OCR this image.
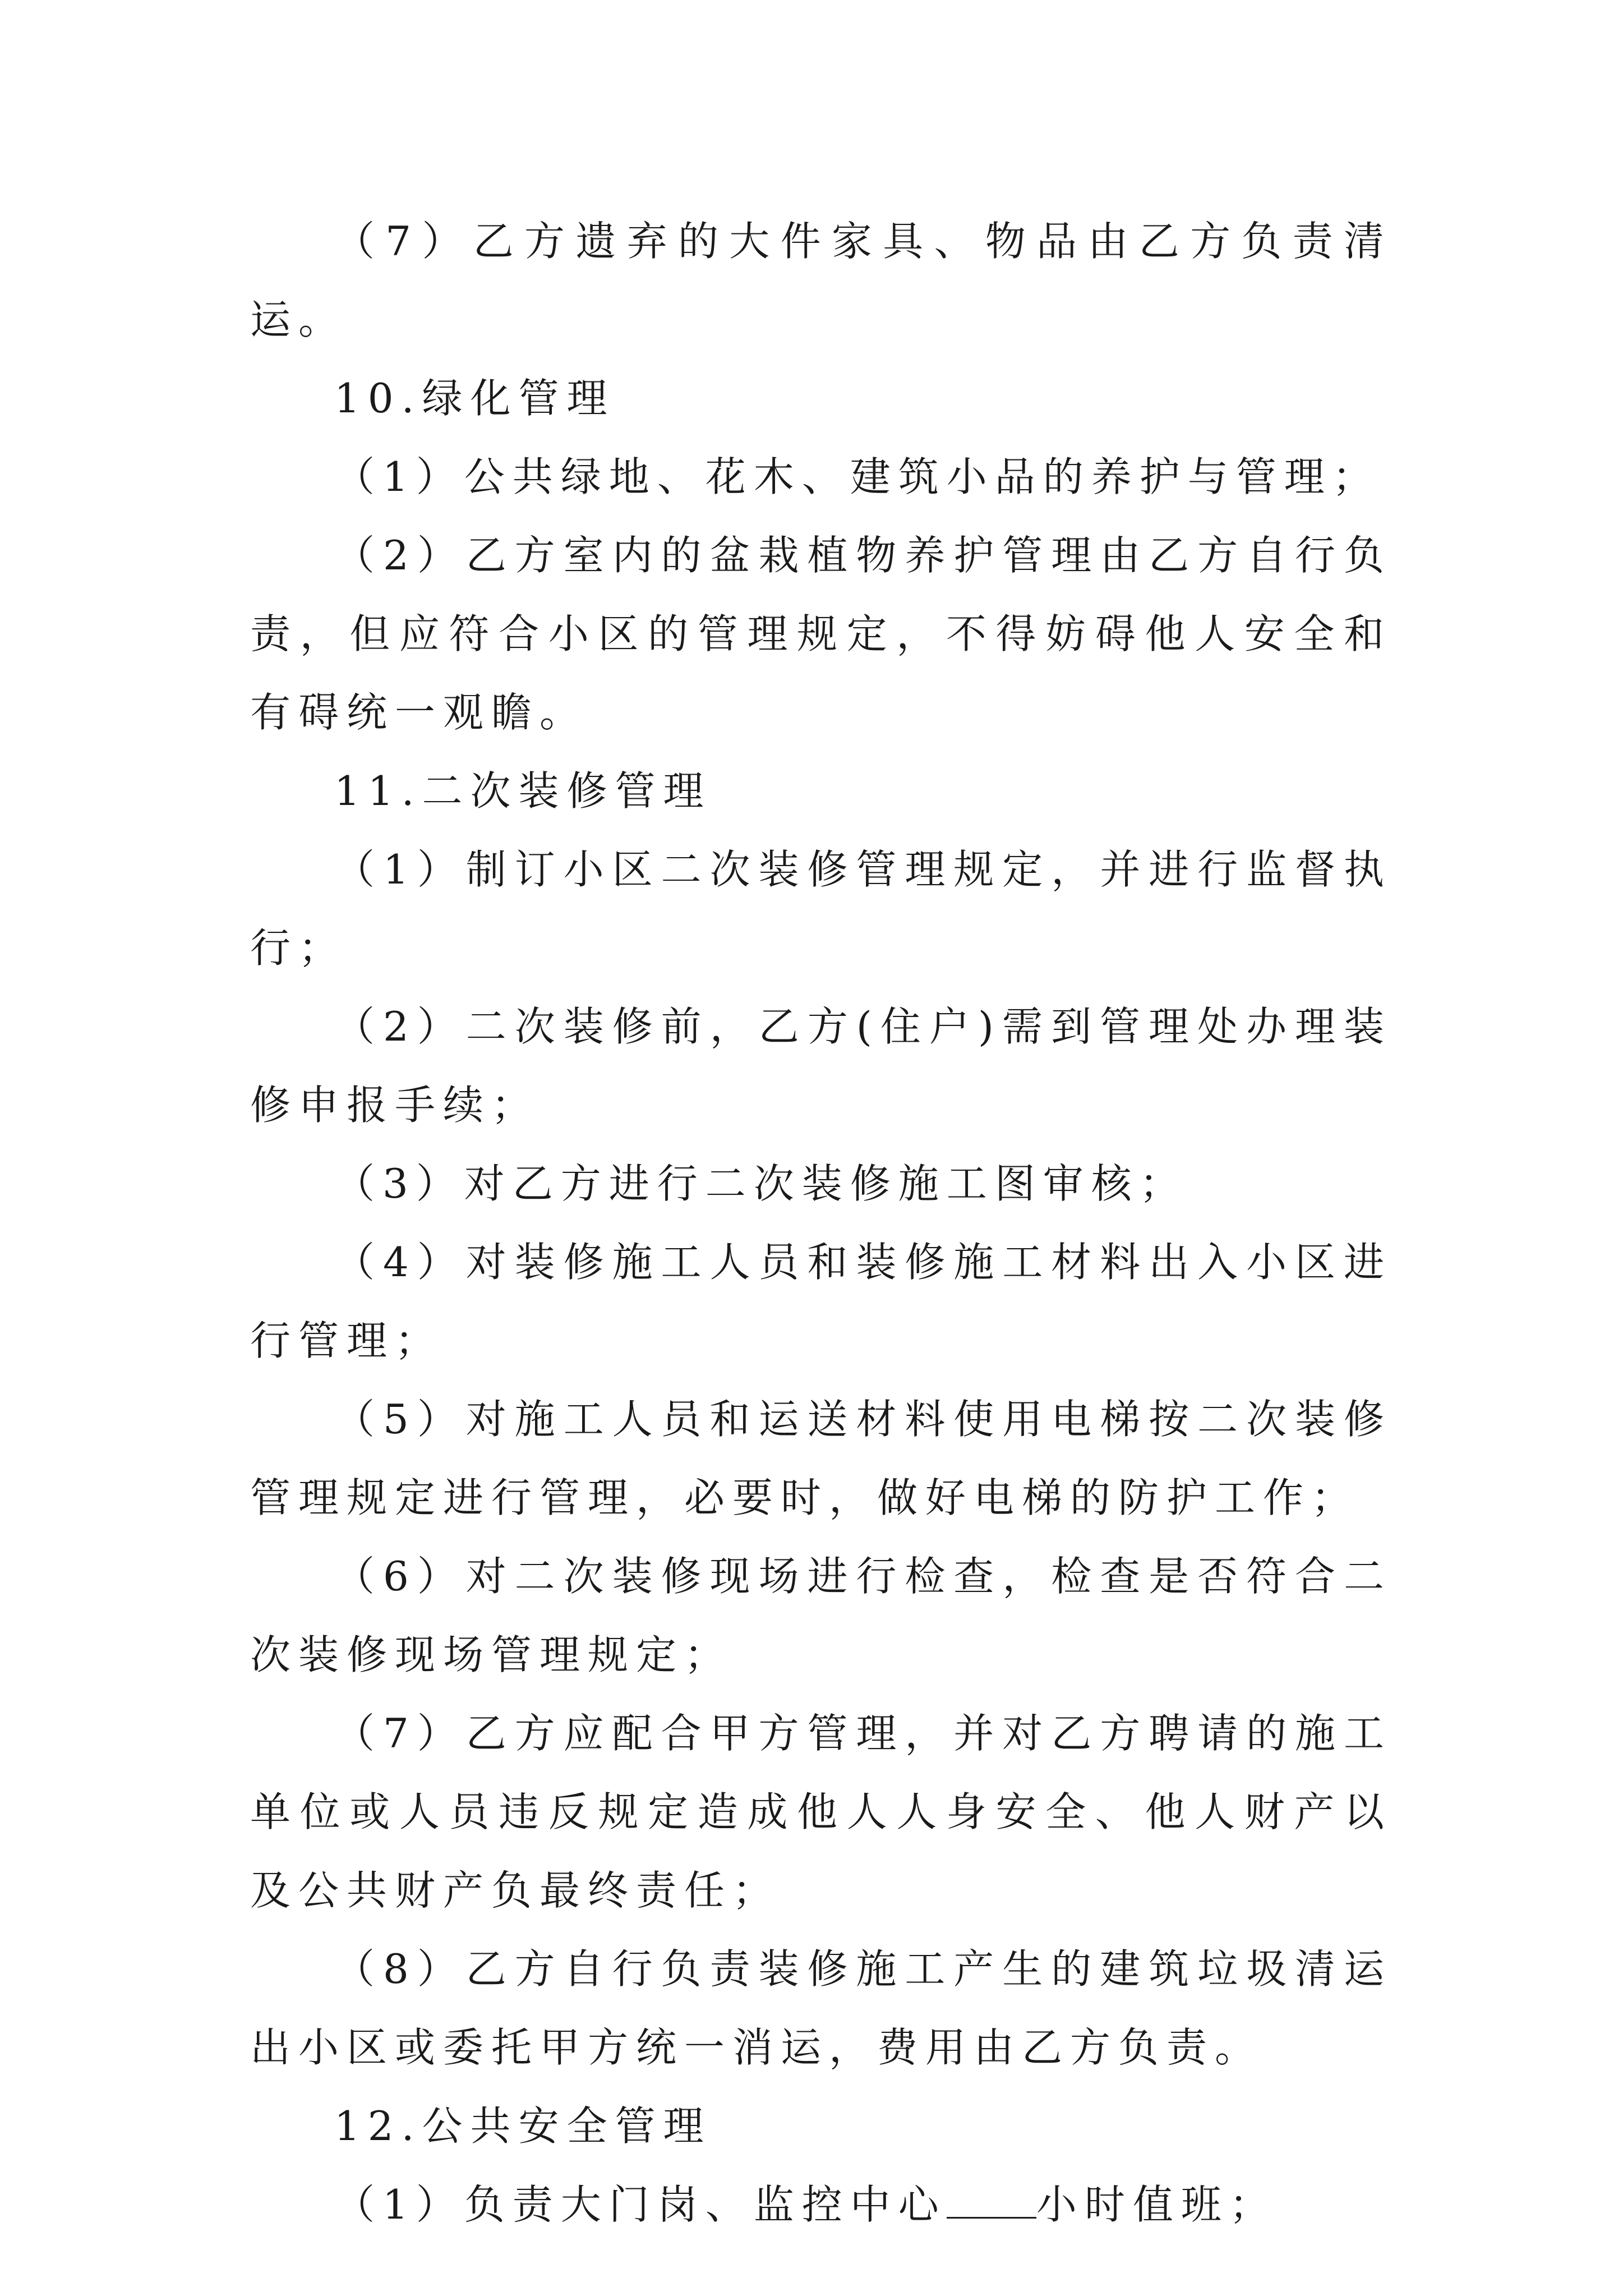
（7）乙方遗弃的大件家具、物品由乙方负责清运。

10.绿化管理

（1）公共绿地、花木、建筑小品的养护与管理；

（2）乙方室内的盆栽植物养护管理由乙方自行负责，但应符合小区的管理规定，不得妨碍他人安全和有碍统一观瞻。

11.二次装修管理

（1）制订小区二次装修管理规定，并进行监督执行；

（2）二次装修前，乙方(住户)需到管理处办理装修申报手续；

（3）对乙方进行二次装修施工图审核；

（4）对装修施工人员和装修施工材料出入小区进行管理；

（5）对施工人员和运送材料使用电梯按二次装修管理规定进行管理，必要时，做好电梯的防护工作；

（6）对二次装修现场进行检查，检查是否符合二次装修现场管理规定；

（7）乙方应配合甲方管理，并对乙方聘请的施工单位或人员违反规定造成他人人身安全、他人财产以及公共财产负最终责任；

（8）乙方自行负责装修施工产生的建筑垃圾清运出小区或委托甲方统一消运，费用由乙方负责。

12.公共安全管理

（1）负责大门岗、监控中心 小时值班；
